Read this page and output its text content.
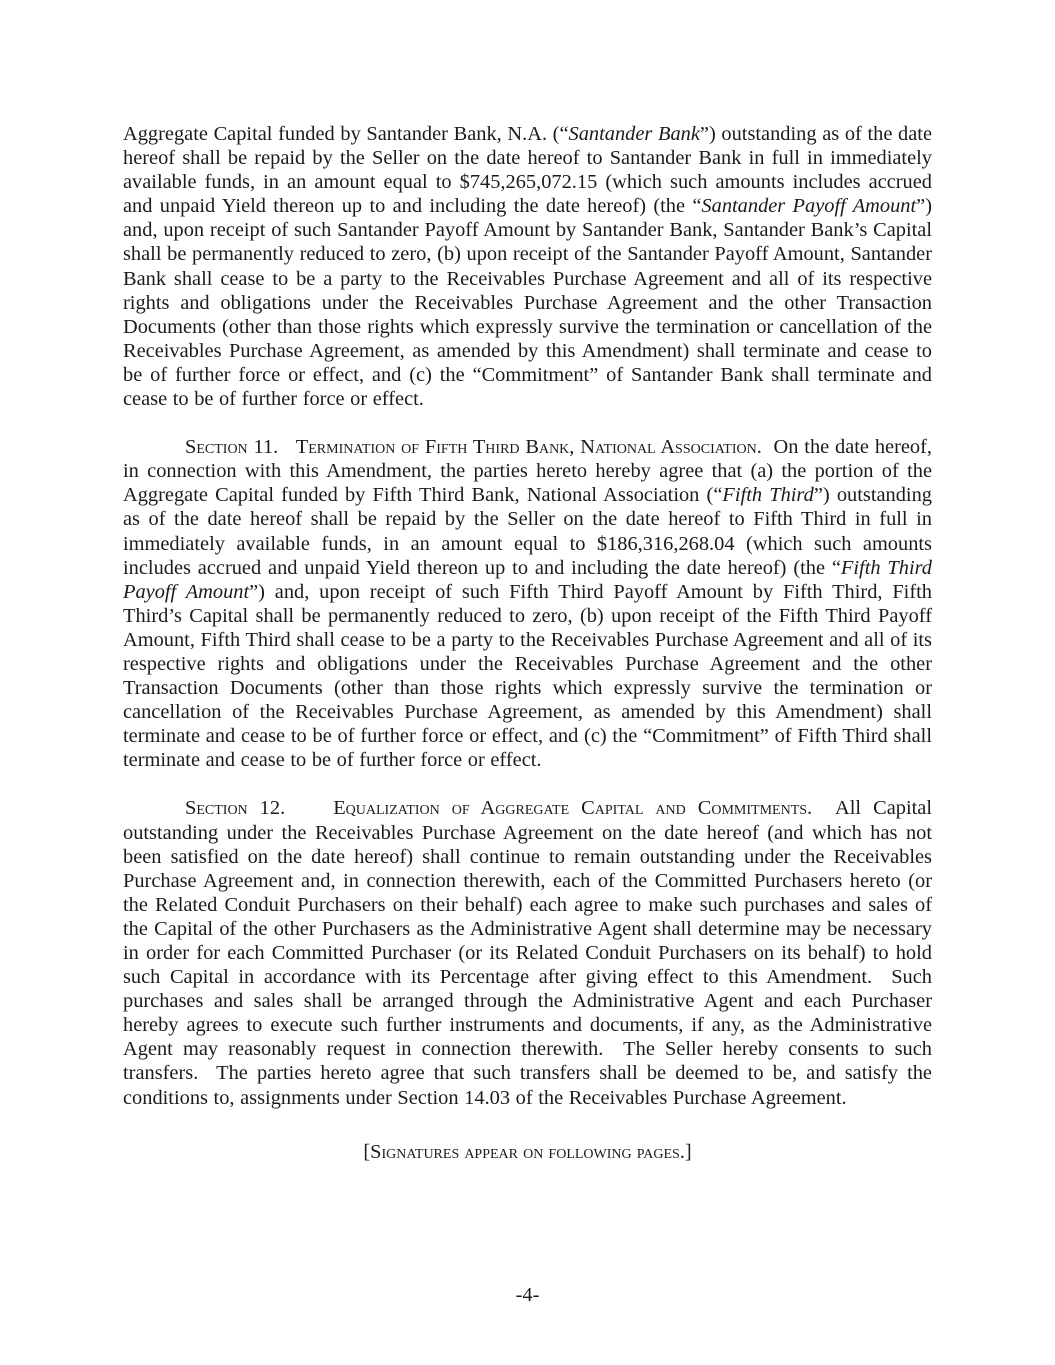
Aggregate Capital funded by Santander Bank, N.A. (“Santander Bank”) outstanding as of the date hereof shall be repaid by the Seller on the date hereof to Santander Bank in full in immediately available funds, in an amount equal to $745,265,072.15 (which such amounts includes accrued and unpaid Yield thereon up to and including the date hereof) (the “Santander Payoff Amount”) and, upon receipt of such Santander Payoff Amount by Santander Bank, Santander Bank’s Capital shall be permanently reduced to zero, (b) upon receipt of the Santander Payoff Amount, Santander Bank shall cease to be a party to the Receivables Purchase Agreement and all of its respective rights and obligations under the Receivables Purchase Agreement and the other Transaction Documents (other than those rights which expressly survive the termination or cancellation of the Receivables Purchase Agreement, as amended by this Amendment) shall terminate and cease to be of further force or effect, and (c) the “Commitment” of Santander Bank shall terminate and cease to be of further force or effect.

Section 11. Termination of Fifth Third Bank, National Association.  On the date hereof, in connection with this Amendment, the parties hereto hereby agree that (a) the portion of the Aggregate Capital funded by Fifth Third Bank, National Association (“Fifth Third”) outstanding as of the date hereof shall be repaid by the Seller on the date hereof to Fifth Third in full in immediately available funds, in an amount equal to $186,316,268.04 (which such amounts includes accrued and unpaid Yield thereon up to and including the date hereof) (the “Fifth Third Payoff Amount”) and, upon receipt of such Fifth Third Payoff Amount by Fifth Third, Fifth Third’s Capital shall be permanently reduced to zero, (b) upon receipt of the Fifth Third Payoff Amount, Fifth Third shall cease to be a party to the Receivables Purchase Agreement and all of its respective rights and obligations under the Receivables Purchase Agreement and the other Transaction Documents (other than those rights which expressly survive the termination or cancellation of the Receivables Purchase Agreement, as amended by this Amendment) shall terminate and cease to be of further force or effect, and (c) the “Commitment” of Fifth Third shall terminate and cease to be of further force or effect.

Section 12. Equalization of Aggregate Capital and Commitments.  All Capital outstanding under the Receivables Purchase Agreement on the date hereof (and which has not been satisfied on the date hereof) shall continue to remain outstanding under the Receivables Purchase Agreement and, in connection therewith, each of the Committed Purchasers hereto (or the Related Conduit Purchasers on their behalf) each agree to make such purchases and sales of the Capital of the other Purchasers as the Administrative Agent shall determine may be necessary in order for each Committed Purchaser (or its Related Conduit Purchasers on its behalf) to hold such Capital in accordance with its Percentage after giving effect to this Amendment.  Such purchases and sales shall be arranged through the Administrative Agent and each Purchaser hereby agrees to execute such further instruments and documents, if any, as the Administrative Agent may reasonably request in connection therewith.  The Seller hereby consents to such transfers.  The parties hereto agree that such transfers shall be deemed to be, and satisfy the conditions to, assignments under Section 14.03 of the Receivables Purchase Agreement.

[Signatures appear on following pages.]

-4-
